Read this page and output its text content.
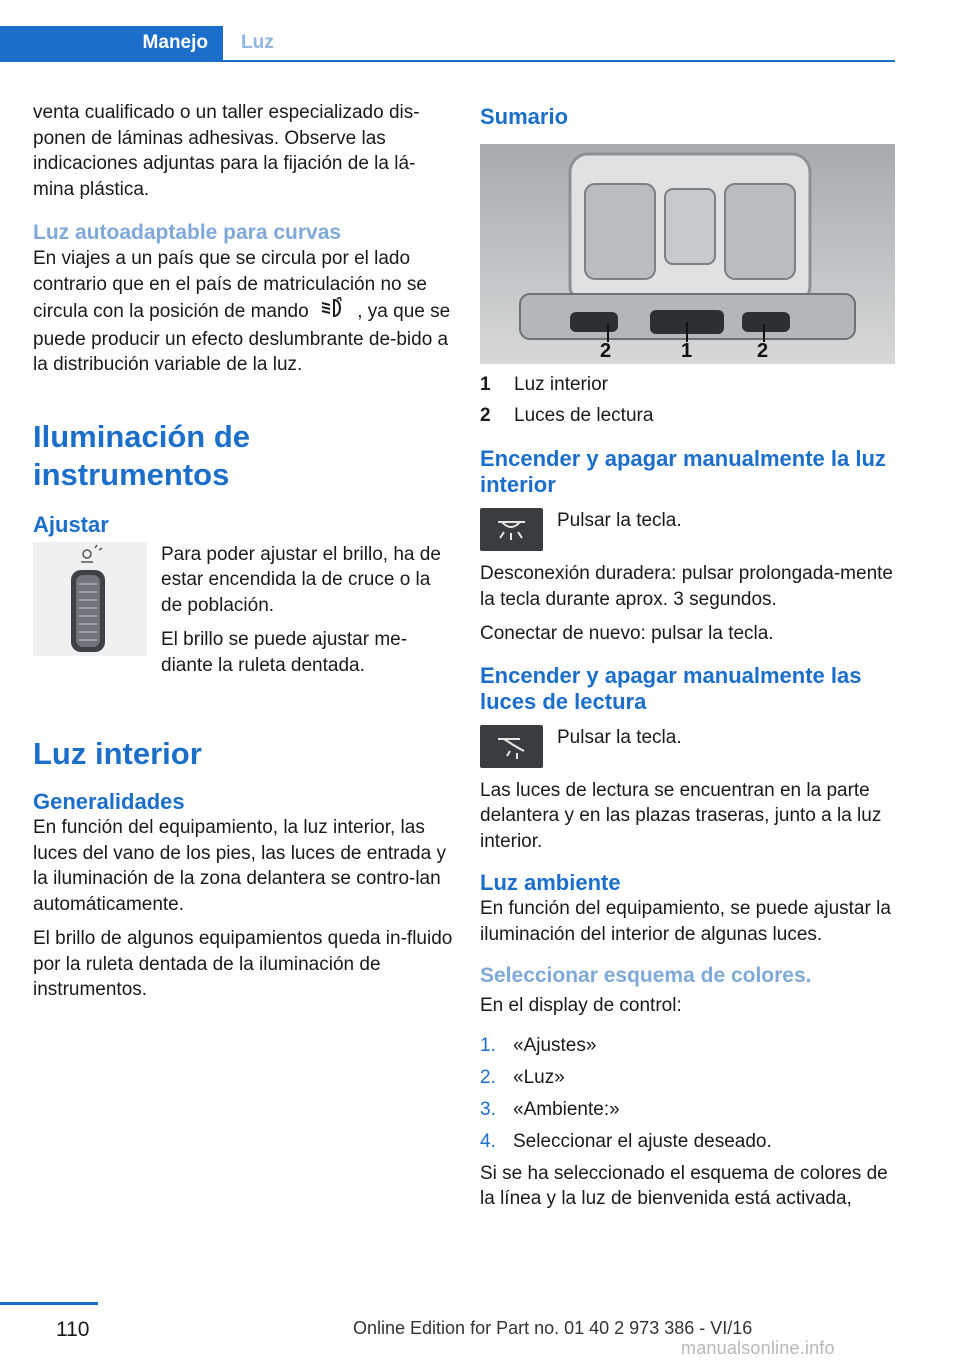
Manejo	Luz

venta cualificado o un taller especializado dis-ponen de láminas adhesivas. Observe las indicaciones adjuntas para la fijación de la lá-mina plástica.

Luz autoadaptable para curvas

En viajes a un país que se circula por el lado contrario que en el país de matriculación no se circula con la posición de mando	, ya que se puede producir un efecto deslumbrante de-bido a la distribución variable de la luz.

Iluminación de instrumentos
Ajustar

Para poder ajustar el brillo, ha de estar encendida la de cruce o la de población.

El brillo se puede ajustar me-diante la ruleta dentada.

Luz interior
Generalidades

En función del equipamiento, la luz interior, las luces del vano de los pies, las luces de entrada y la iluminación de la zona delantera se contro-lan automáticamente.

El brillo de algunos equipamientos queda in-fluido por la ruleta dentada de la iluminación de instrumentos.

Sumario
2	1	2
1	Luz interior
2	Luces de lectura
Encender y apagar manualmente la luz interior

Pulsar la tecla.

Desconexión duradera: pulsar prolongada-mente la tecla durante aprox. 3 segundos.

Conectar de nuevo: pulsar la tecla.

Encender y apagar manualmente las luces de lectura

Pulsar la tecla.

Las luces de lectura se encuentran en la parte delantera y en las plazas traseras, junto a la luz interior.

Luz ambiente

En función del equipamiento, se puede ajustar la iluminación del interior de algunas luces.

Seleccionar esquema de colores.

En el display de control:

1. «Ajustes»
2. «Luz»
3. «Ambiente:»
4. Seleccionar el ajuste deseado.

Si se ha seleccionado el esquema de colores de la línea y la luz de bienvenida está activada,

110	Online Edition for Part no. 01 40 2 973 386 - VI/16
manualsonline.info
